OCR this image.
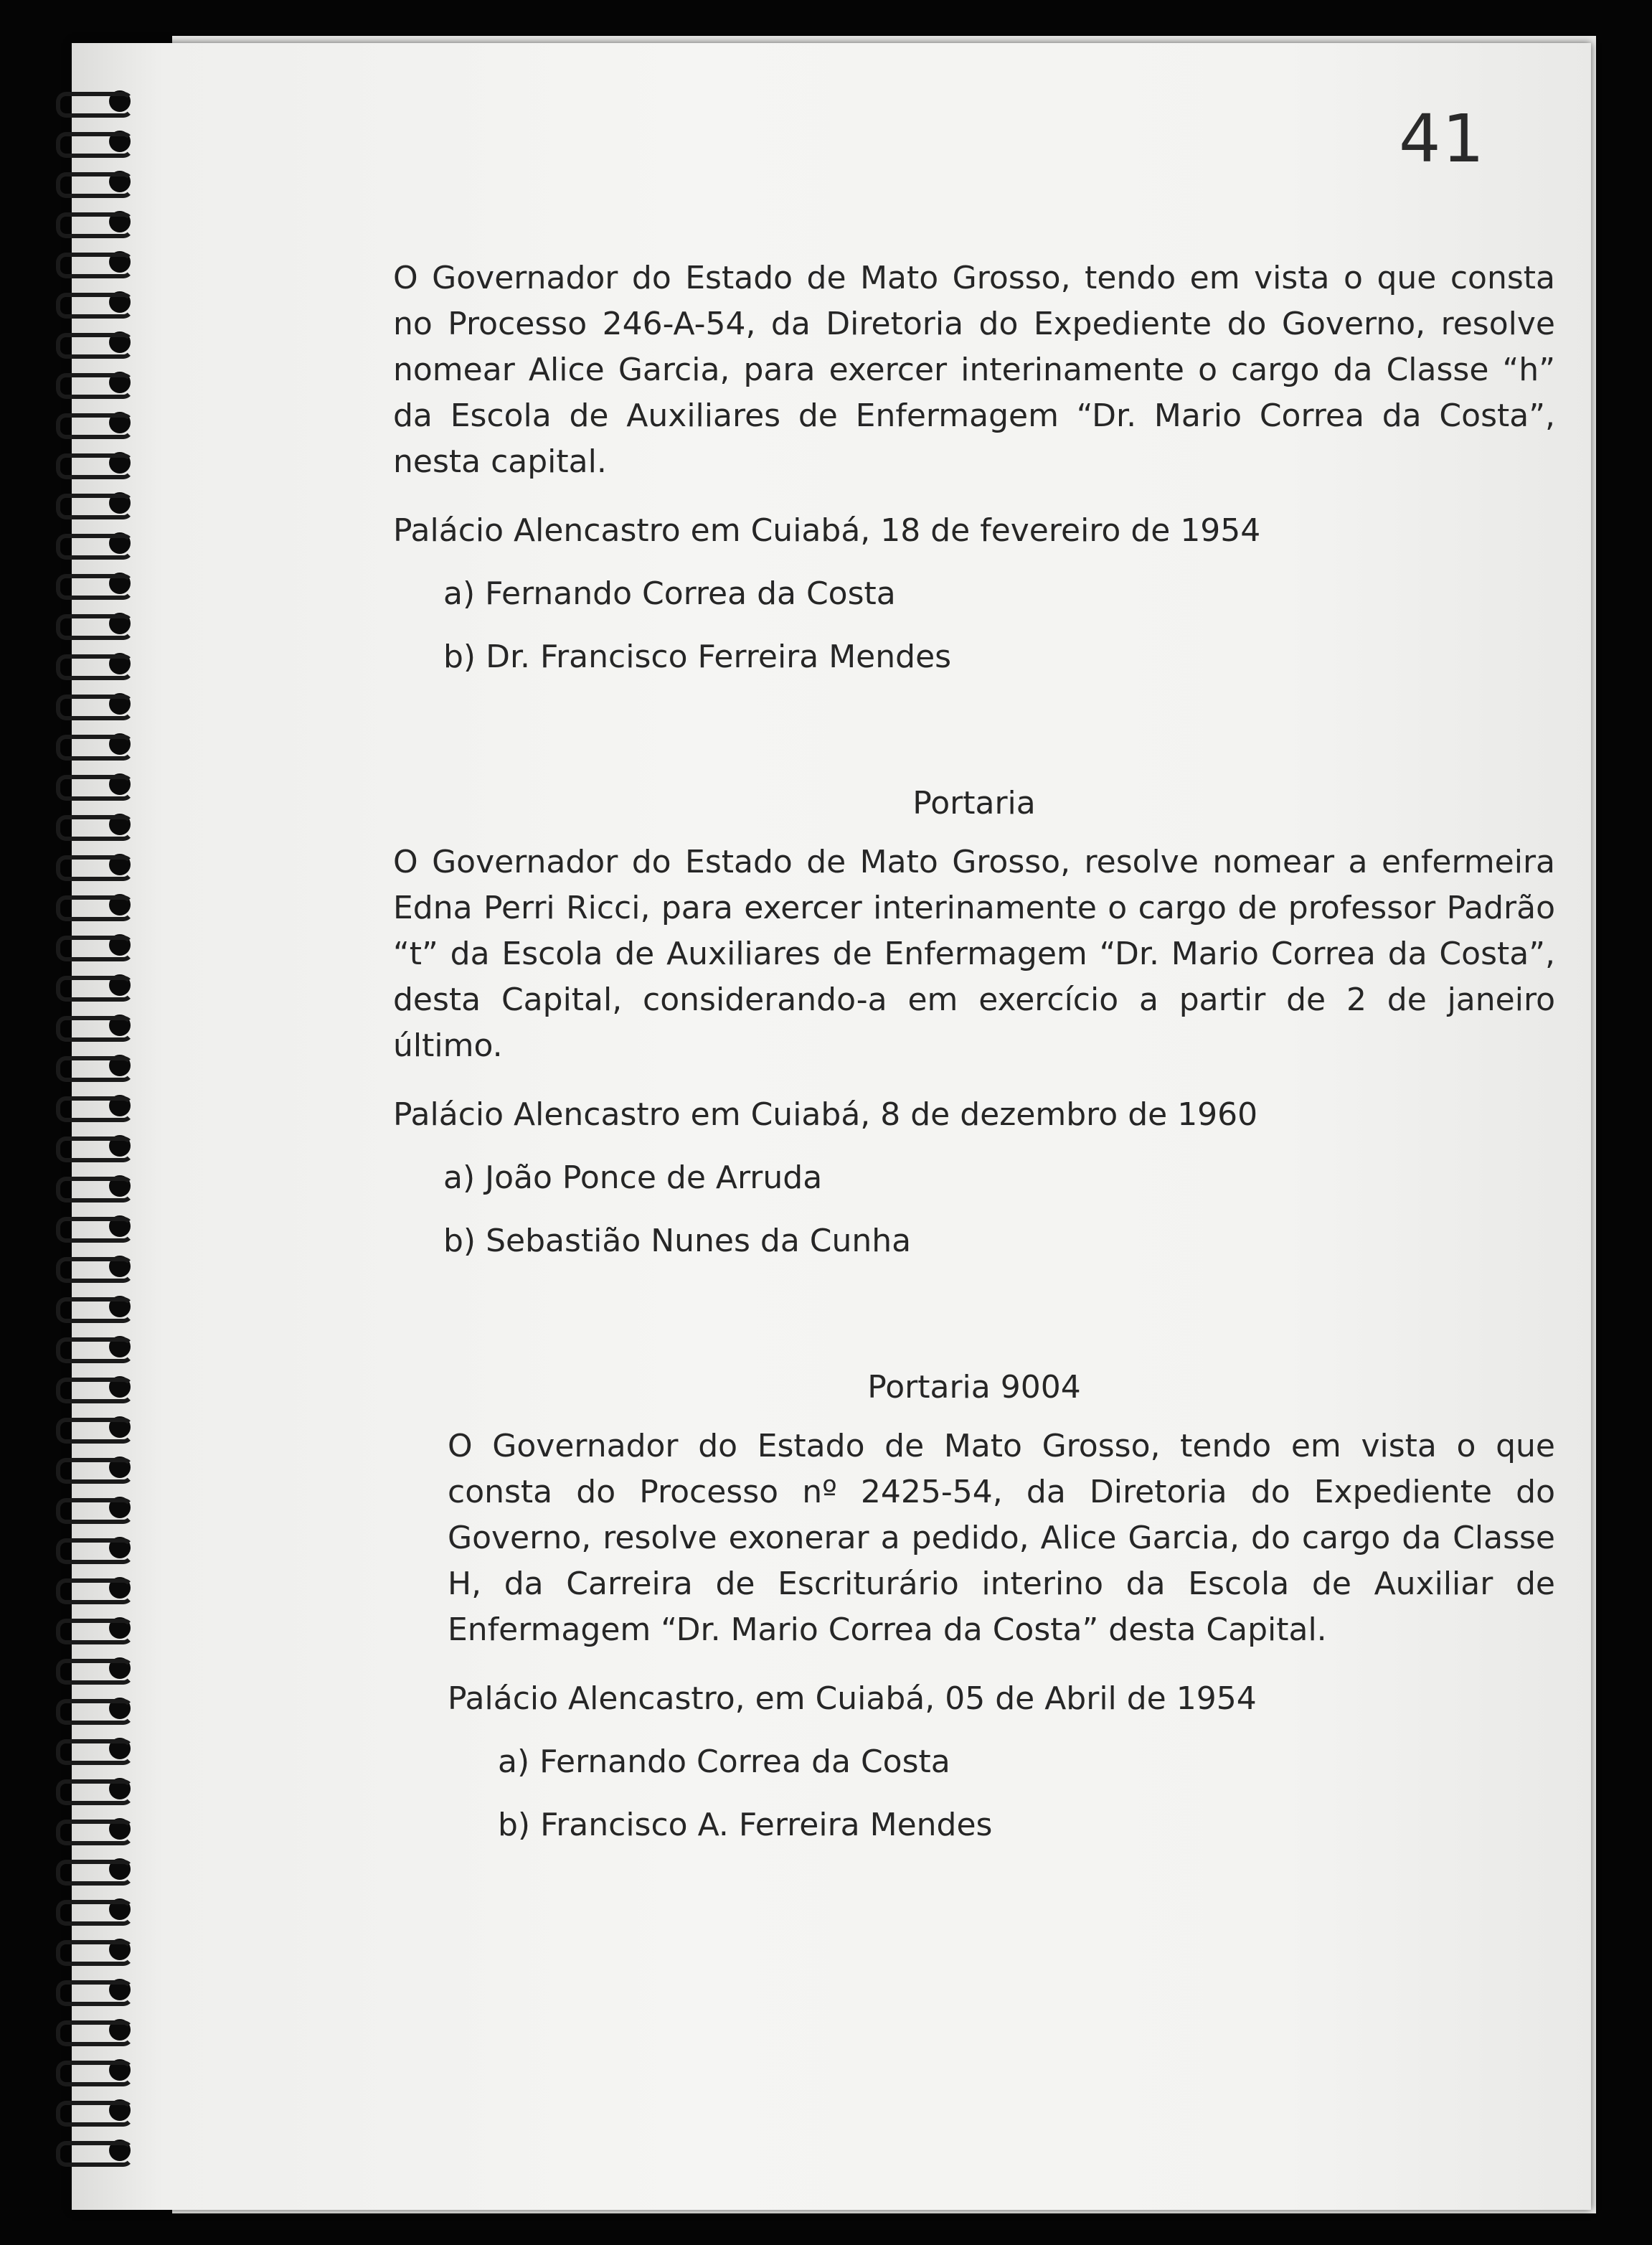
41

O Governador do Estado de Mato Grosso, tendo em vista o que consta no Processo 246-A-54, da Diretoria do Expediente do Governo, resolve nomear Alice Garcia, para exercer interinamente o cargo da Classe “h” da Escola de Auxiliares de Enfermagem “Dr. Mario Correa da Costa”, nesta capital.

Palácio Alencastro em Cuiabá, 18 de fevereiro de 1954

a) Fernando Correa da Costa

b) Dr. Francisco Ferreira Mendes

Portaria

O Governador do Estado de Mato Grosso, resolve nomear a enfermeira Edna Perri Ricci, para exercer interinamente o cargo de professor Padrão “t” da Escola de Auxiliares de Enfermagem “Dr. Mario Correa da Costa”, desta Capital, considerando-a em exercício a partir de 2 de janeiro último.

Palácio Alencastro em Cuiabá, 8 de dezembro de 1960

a) João Ponce de Arruda

b) Sebastião Nunes da Cunha

Portaria 9004

O Governador do Estado de Mato Grosso, tendo em vista o que consta do Processo nº 2425-54, da Diretoria do Expediente do Governo, resolve exonerar a pedido, Alice Garcia, do cargo da Classe H, da Carreira de Escriturário interino da Escola de Auxiliar de Enfermagem “Dr. Mario Correa da Costa” desta Capital.

Palácio Alencastro, em Cuiabá, 05 de Abril de 1954

a) Fernando Correa da Costa

b) Francisco A. Ferreira Mendes
